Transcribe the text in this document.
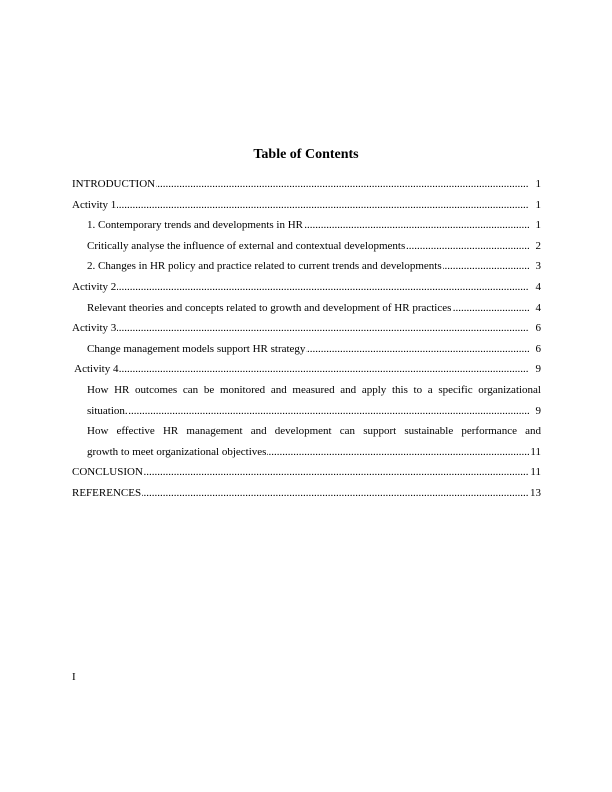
Table of Contents
.....
INTRODUCTION	1
.....
Activity 1	1
.....
1. Contemporary trends and developments in HR	1
.....
Critically analyse the influence of external and contextual developments	2
.....
2. Changes in HR policy and practice related to current trends and developments	3
.....
Activity 2	4
.....
Relevant theories and concepts related to growth and development of HR practices	4
.....
Activity 3	6
.....
Change management models support HR strategy	6
.....
Activity 4	9
How HR outcomes can be monitored and measured and apply this to a specific organizational
.....
situation.	9
How effective HR management and development can support sustainable performance and
.....
growth to meet organizational objectives	11
.....
CONCLUSION	11
.....
REFERENCES	13
I
